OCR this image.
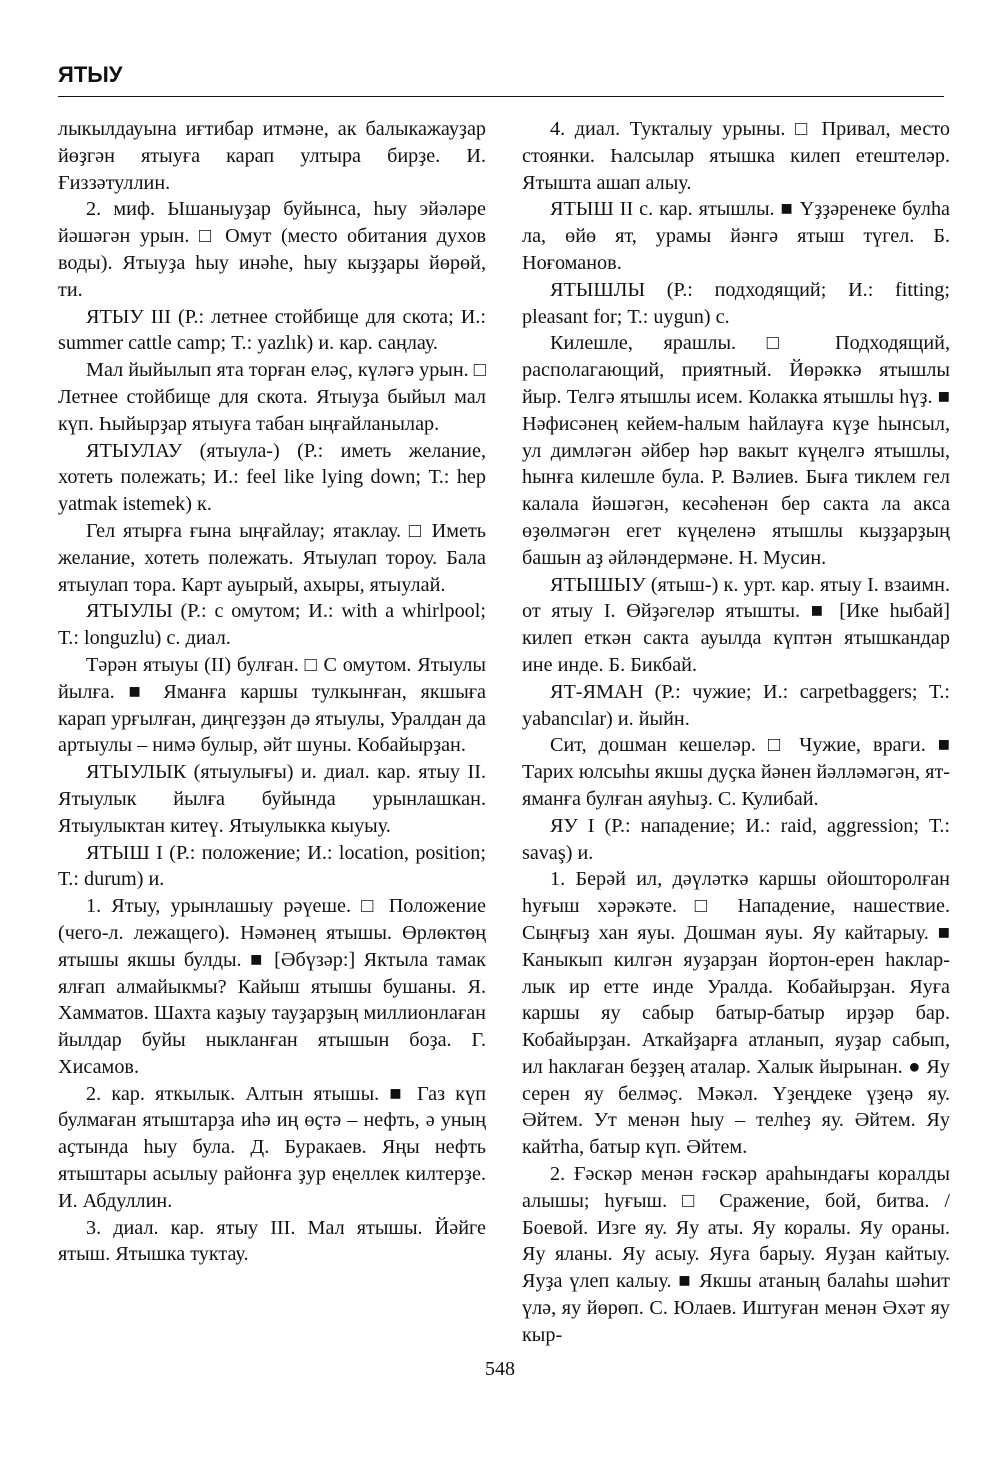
ЯТЫУ

лыкылдауына иғтибар итмәне, ак балыкажауҙар йөҙгән ятыуға карап ултыра бирҙе. И. Ғиззәтуллин.

2. миф. Ышаныуҙар буйынса, һыу эйәләре йәшәгән урын. □ Омут (место обитания духов воды). Ятыуҙа һыу инәһе, һыу кыҙҙары йөрөй, ти.

ЯТЫУ III (Р.: летнее стойбище для скота; И.: summer cattle camp; Т.: yazlık) и. кар. саңлау.

Мал йыйылып ята торған еләҫ, күләгә урын. □ Летнее стойбище для скота. Ятыуҙа быйыл мал күп. Һыйырҙар ятыуға табан ыңғайланылар.

ЯТЫУЛАУ (ятыула-) (Р.: иметь желание, хотеть полежать; И.: feel like lying down; Т.: hep yatmak istemek) к.

Гел ятырға ғына ыңғайлау; ятаклау. □ Иметь желание, хотеть полежать. Ятыулап тороу. Бала ятыулап тора. Карт ауырый, ахыры, ятыулай.

ЯТЫУЛЫ (Р.: с омутом; И.: with a whirlpool; Т.: longuzlu) с. диал.

Тәрән ятыуы (II) булған. □ С омутом. Ятыулы йылға. ■ Яманға каршы тулкынған, якшыға карап урғылған, диңгеҙҙән дә ятыулы, Уралдан да артыулы – нимә булыр, әйт шуны. Кобайырҙан.

ЯТЫУЛЫК (ятыулығы) и. диал. кар. ятыу II. Ятыулык йылға буйында урынлашкан. Ятыулыктан китеү. Ятыулыкка кыуыу.

ЯТЫШ I (Р.: положение; И.: location, position; Т.: durum) и.

1. Ятыу, урынлашыу рәүеше. □ Положение (чего-л. лежащего). Нәмәнең ятышы. Өрлөктөң ятышы якшы булды. ■ [Әбүзәр:] Яктыла тамак ялғап алмайыкмы? Кайыш ятышы бушаны. Я. Хамматов. Шахта каҙыу тауҙарҙың миллионлаған йылдар буйы ныкланған ятышын боҙа. Г. Хисамов.

2. кар. яткылык. Алтын ятышы. ■ Газ күп булмаған ятыштарҙа иһә иң өҫтә – нефть, ә уның аҫтында һыу була. Д. Буракаев. Яңы нефть ятыштары асылыу районға ҙур еңеллек килтерҙе. И. Абдуллин.

3. диал. кар. ятыу III. Мал ятышы. Йәйге ятыш. Ятышка туктау.

4. диал. Тукталыу урыны. □ Привал, место стоянки. Һалсылар ятышка килеп етештеләр. Ятышта ашап алыу.

ЯТЫШ II с. кар. ятышлы. ■ Үҙҙәренеке булһа ла, өйө ят, урамы йәнгә ятыш түгел. Б. Ноғоманов.

ЯТЫШЛЫ (Р.: подходящий; И.: fitting; pleasant for; Т.: uygun) с.

Килешле, ярашлы. □ Подходящий, располагающий, приятный. Йөрәккә ятышлы йыр. Телгә ятышлы исем. Колакка ятышлы һүҙ. ■ Нәфисәнең кейем-һалым һайлауға күҙе һынсыл, ул димләгән әйбер һәр вакыт күңелгә ятышлы, һынға килешле була. Р. Вәлиев. Быға тиклем гел калала йәшәгән, кесәһенән бер сакта ла акса өҙөлмәгән егет күңеленә ятышлы кыҙҙарҙың башын аҙ әйләндермәне. Н. Мусин.

ЯТЫШЫУ (ятыш-) к. урт. кар. ятыу I. взаимн. от ятыу I. Өйҙәгеләр ятышты. ■ [Ике һыбай] килеп еткән сакта ауылда күптән ятышкандар ине инде. Б. Бикбай.

ЯТ-ЯМАН (Р.: чужие; И.: carpetbaggers; Т.: yabancılar) и. йыйн.

Сит, дошман кешеләр. □ Чужие, враги. ■ Тарих юлсыһы якшы дуҫка йәнен йәлләмәгән, ят-яманға булған аяуһыҙ. С. Кулибай.

ЯУ I (Р.: нападение; И.: raid, aggression; Т.: savaş) и.

1. Берәй ил, дәүләткә каршы ойошторолған һуғыш хәрәкәте. □ Нападение, нашествие. Сыңғыҙ хан яуы. Дошман яуы. Яу кайтарыу. ■ Каныкып килгән яуҙарҙан йортон-ерен һакларлык ир етте инде Уралда. Кобайырҙан. Яуға каршы яу сабыр батыр-батыр ирҙәр бар. Кобайырҙан. Аткайҙарға атланып, яуҙар сабып, ил һаклаған беҙҙең аталар. Халык йырынан. ● Яу серен яу белмәҫ. Мәкәл. Үҙеңдеке үҙеңә яу. Әйтем. Ут менән һыу – телһеҙ яу. Әйтем. Яу кайтһа, батыр күп. Әйтем.

2. Ғәскәр менән ғәскәр араһындағы коралды алышы; һуғыш. □ Сражение, бой, битва. / Боевой. Изге яу. Яу аты. Яу коралы. Яу ораны. Яу яланы. Яу асыу. Яуға барыу. Яуҙан кайтыу. Яуҙа үлеп калыу. ■ Якшы атаның балаһы шәһит үлә, яу йөрөп. С. Юлаев. Иштуған менән Әхәт яу кыр-

548
